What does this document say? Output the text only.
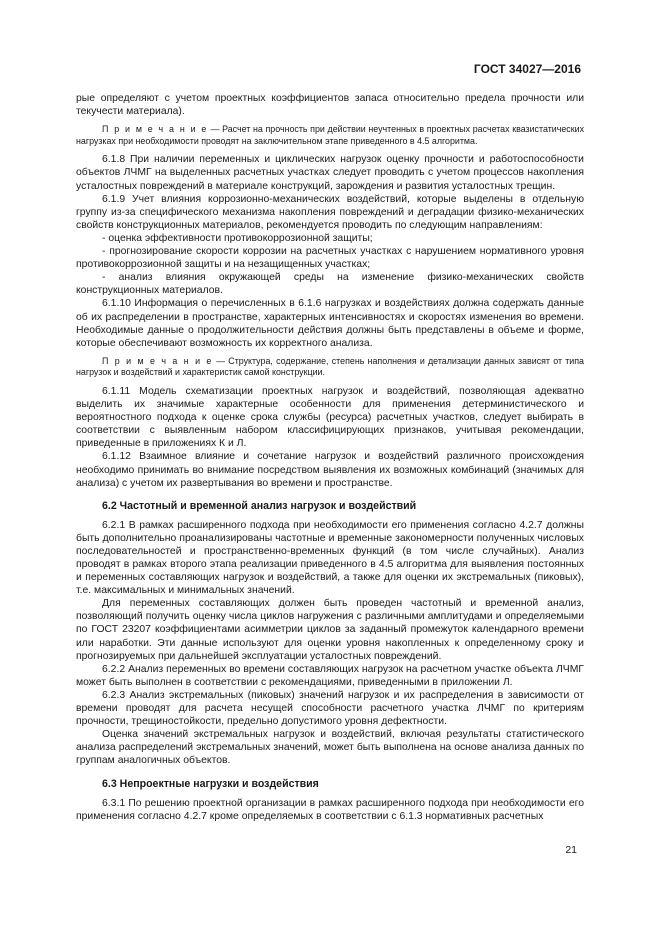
ГОСТ 34027—2016

рые определяют с учетом проектных коэффициентов запаса относительно предела прочности или текучести материала).

П р и м е ч а н и е — Расчет на прочность при действии неучтенных в проектных расчетах квазистатических нагрузках при необходимости проводят на заключительном этапе приведенного в 4.5 алгоритма.

6.1.8 При наличии переменных и циклических нагрузок оценку прочности и работоспособности объектов ЛЧМГ на выделенных расчетных участках следует проводить с учетом процессов накопления усталостных повреждений в материале конструкций, зарождения и развития усталостных трещин.

6.1.9 Учет влияния коррозионно-механических воздействий, которые выделены в отдельную группу из-за специфического механизма накопления повреждений и деградации физико-механических свойств конструкционных материалов, рекомендуется проводить по следующим направлениям:

- оценка эффективности противокоррозионной защиты;

- прогнозирование скорости коррозии на расчетных участках с нарушением нормативного уровня противокоррозионной защиты и на незащищенных участках;

- анализ влияния окружающей среды на изменение физико-механических свойств конструкционных материалов.

6.1.10 Информация о перечисленных в 6.1.6 нагрузках и воздействиях должна содержать данные об их распределении в пространстве, характерных интенсивностях и скоростях изменения во времени. Необходимые данные о продолжительности действия должны быть представлены в объеме и форме, которые обеспечивают возможность их корректного анализа.

П р и м е ч а н и е — Структура, содержание, степень наполнения и детализации данных зависят от типа нагрузок и воздействий и характеристик самой конструкции.

6.1.11 Модель схематизации проектных нагрузок и воздействий, позволяющая адекватно выделить их значимые характерные особенности для применения детерминистического и вероятностного подхода к оценке срока службы (ресурса) расчетных участков, следует выбирать в соответствии с выявленным набором классифицирующих признаков, учитывая рекомендации, приведенные в приложениях К и Л.

6.1.12 Взаимное влияние и сочетание нагрузок и воздействий различного происхождения необходимо принимать во внимание посредством выявления их возможных комбинаций (значимых для анализа) с учетом их развертывания во времени и пространстве.

6.2 Частотный и временной анализ нагрузок и воздействий

6.2.1 В рамках расширенного подхода при необходимости его применения согласно 4.2.7 должны быть дополнительно проанализированы частотные и временные закономерности полученных числовых последовательностей и пространственно-временных функций (в том числе случайных). Анализ проводят в рамках второго этапа реализации приведенного в 4.5 алгоритма для выявления постоянных и переменных составляющих нагрузок и воздействий, а также для оценки их экстремальных (пиковых), т.е. максимальных и минимальных значений.

Для переменных составляющих должен быть проведен частотный и временной анализ, позволяющий получить оценку числа циклов нагружения с различными амплитудами и определяемыми по ГОСТ 23207 коэффициентами асимметрии циклов за заданный промежуток календарного времени или наработки. Эти данные используют для оценки уровня накопленных к определенному сроку и прогнозируемых при дальнейшей эксплуатации усталостных повреждений.

6.2.2 Анализ переменных во времени составляющих нагрузок на расчетном участке объекта ЛЧМГ может быть выполнен в соответствии с рекомендациями, приведенными в приложении Л.

6.2.3 Анализ экстремальных (пиковых) значений нагрузок и их распределения в зависимости от времени проводят для расчета несущей способности расчетного участка ЛЧМГ по критериям прочности, трещиностойкости, предельно допустимого уровня дефектности.

Оценка значений экстремальных нагрузок и воздействий, включая результаты статистического анализа распределений экстремальных значений, может быть выполнена на основе анализа данных по группам аналогичных объектов.

6.3 Непроектные нагрузки и воздействия

6.3.1 По решению проектной организации в рамках расширенного подхода при необходимости его применения согласно 4.2.7 кроме определяемых в соответствии с 6.1.3 нормативных расчетных

21
